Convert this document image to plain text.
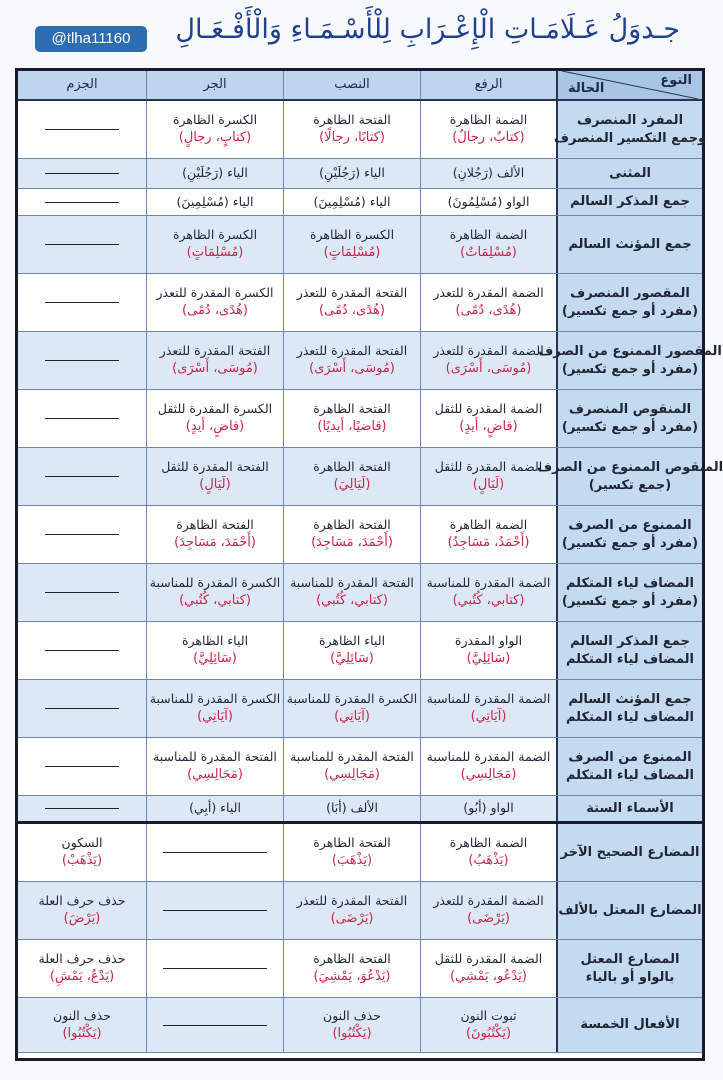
@tlha11160	جـدوَلُ عَـلَامَـاتِ الْإِعْـرَابِ لِلْأَسْـمَـاءِ وَالْأَفْـعَـالِ
النوع
الحالة
الرفع
النصب
الجر
الجزم
المفرد المنصرف
وجمع التكسير المنصرف
الضمة الظاهرة
(كتابٌ، رجالٌ)
الفتحة الظاهرة
(كتابًا، رجالًا)
الكسرة الظاهرة
(كتابٍ، رجالٍ)
المثنى
الألف (رَجُلانِ)
الياء (رَجُلَيْنِ)
الياء (رَجُلَيْنِ)
جمع المذكر السالم
الواو (مُسْلِمُونَ)
الياء (مُسْلِمِينَ)
الياء (مُسْلِمِينَ)
جمع المؤنث السالم
الضمة الظاهرة
(مُسْلِمَاتٌ)
الكسرة الظاهرة
(مُسْلِمَاتٍ)
الكسرة الظاهرة
(مُسْلِمَاتٍ)
المقصور المنصرف
(مفرد أو جمع تكسير)
الضمة المقدرة للتعذر
(هُدًى، دُمًى)
الفتحة المقدرة للتعذر
(هُدًى، دُمًى)
الكسرة المقدرة للتعذر
(هُدًى، دُمًى)
المقصور الممنوع من الصرف
(مفرد أو جمع تكسير)
الضمة المقدرة للتعذر
(مُوسَى، أَسْرَى)
الفتحة المقدرة للتعذر
(مُوسَى، أَسْرَى)
الفتحة المقدرة للتعذر
(مُوسَى، أَسْرَى)
المنقوص المنصرف
(مفرد أو جمع تكسير)
الضمة المقدرة للثقل
(قاضٍ، أيدٍ)
الفتحة الظاهرة
(قاضيًا، أيديًا)
الكسرة المقدرة للثقل
(قاضٍ، أيدٍ)
المنقوص الممنوع من الصرف
(جمع تكسير)
الضمة المقدرة للثقل
(لَيَالٍ)
الفتحة الظاهرة
(لَيَالِيَ)
الفتحة المقدرة للثقل
(لَيَالٍ)
الممنوع من الصرف
(مفرد أو جمع تكسير)
الضمة الظاهرة
(أَحْمَدُ، مَسَاجِدُ)
الفتحة الظاهرة
(أَحْمَدَ، مَسَاجِدَ)
الفتحة الظاهرة
(أَحْمَدَ، مَسَاجِدَ)
المضاف لياء المتكلم
(مفرد أو جمع تكسير)
الضمة المقدرة للمناسبة
(كتابي، كُتُبي)
الفتحة المقدرة للمناسبة
(كتابي، كُتُبي)
الكسرة المقدرة للمناسبة
(كتابي، كُتُبي)
جمع المذكر السالم
المضاف لياء المتكلم
الواو المقدرة
(سَائِلِيَّ)
الياء الظاهرة
(سَائِلِيَّ)
الياء الظاهرة
(سَائِلِيَّ)
جمع المؤنث السالم
المضاف لياء المتكلم
الضمة المقدرة للمناسبة
(آيَاتِي)
الكسرة المقدرة للمناسبة
(آيَاتِي)
الكسرة المقدرة للمناسبة
(آيَاتِي)
الممنوع من الصرف
المضاف لياء المتكلم
الضمة المقدرة للمناسبة
(مَجَالِسِي)
الفتحة المقدرة للمناسبة
(مَجَالِسِي)
الفتحة المقدرة للمناسبة
(مَجَالِسِي)
الأسماء الستة
الواو (أبُو)
الألف (أبَا)
الياء (أبِي)
المضارع الصحيح الآخر
الضمة الظاهرة
(يَذْهَبُ)
الفتحة الظاهرة
(يَذْهَبَ)
السكون
(يَذْهَبْ)
المضارع المعتل بالألف
الضمة المقدرة للتعذر
(يَرْضَى)
الفتحة المقدرة للتعذر
(يَرْضَى)
حذف حرف العلة
(يَرْضَ)
المضارع المعتل
بالواو أو بالياء
الضمة المقدرة للثقل
(يَدْعُو، يَمْشِي)
الفتحة الظاهرة
(يَدْعُوَ، يَمْشِيَ)
حذف حرف العلة
(يَدْعُ، يَمْشِ)
الأفعال الخمسة
ثبوت النون
(يَكْتُبُونَ)
حذف النون
(يَكْتُبُوا)
حذف النون
(يَكْتُبُوا)
